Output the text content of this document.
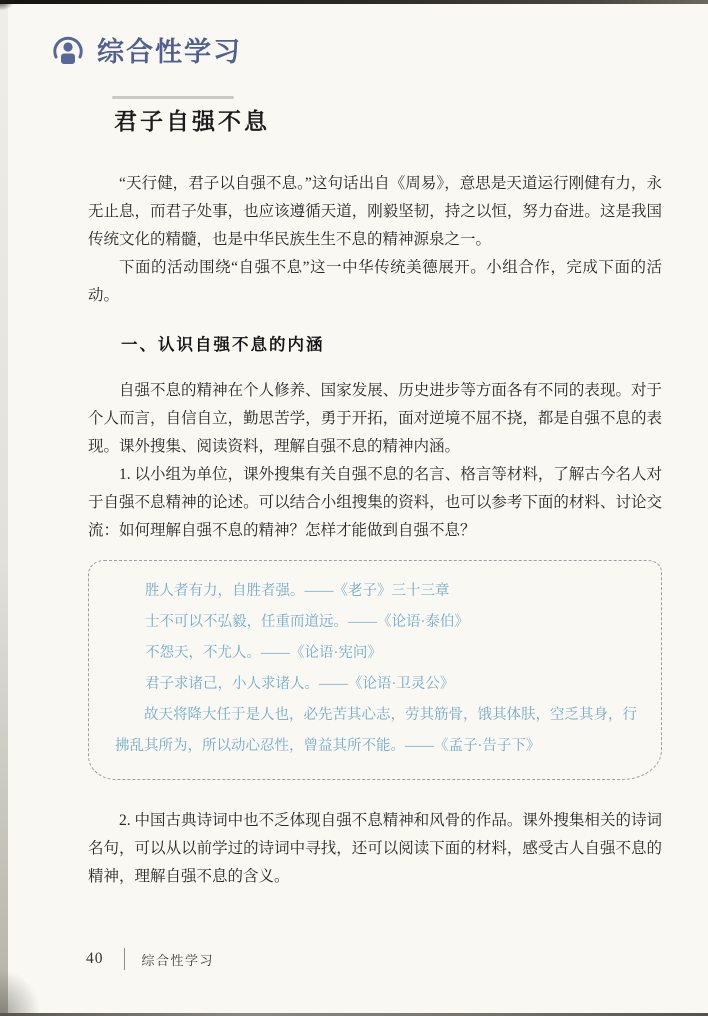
综合性学习
君子自强不息

“天行健，君子以自强不息。”这句话出自《周易》，意思是天道运行刚健有力，永无止息，而君子处事，也应该遵循天道，刚毅坚韧，持之以恒，努力奋进。这是我国传统文化的精髓，也是中华民族生生不息的精神源泉之一。

下面的活动围绕“自强不息”这一中华传统美德展开。小组合作，完成下面的活动。

一、认识自强不息的内涵

自强不息的精神在个人修养、国家发展、历史进步等方面各有不同的表现。对于个人而言，自信自立，勤思苦学，勇于开拓，面对逆境不屈不挠，都是自强不息的表现。课外搜集、阅读资料，理解自强不息的精神内涵。

1. 以小组为单位，课外搜集有关自强不息的名言、格言等材料，了解古今名人对于自强不息精神的论述。可以结合小组搜集的资料，也可以参考下面的材料、讨论交流：如何理解自强不息的精神？怎样才能做到自强不息？

胜人者有力，自胜者强。——《老子》三十三章

士不可以不弘毅，任重而道远。——《论语·泰伯》

不怨天，不尤人。——《论语·宪问》

君子求诸己，小人求诸人。——《论语·卫灵公》

故天将降大任于是人也，必先苦其心志，劳其筋骨，饿其体肤，空乏其身，行拂乱其所为，所以动心忍性，曾益其所不能。——《孟子·告子下》

2. 中国古典诗词中也不乏体现自强不息精神和风骨的作品。课外搜集相关的诗词名句，可以从以前学过的诗词中寻找，还可以阅读下面的材料，感受古人自强不息的精神，理解自强不息的含义。

40	综合性学习
